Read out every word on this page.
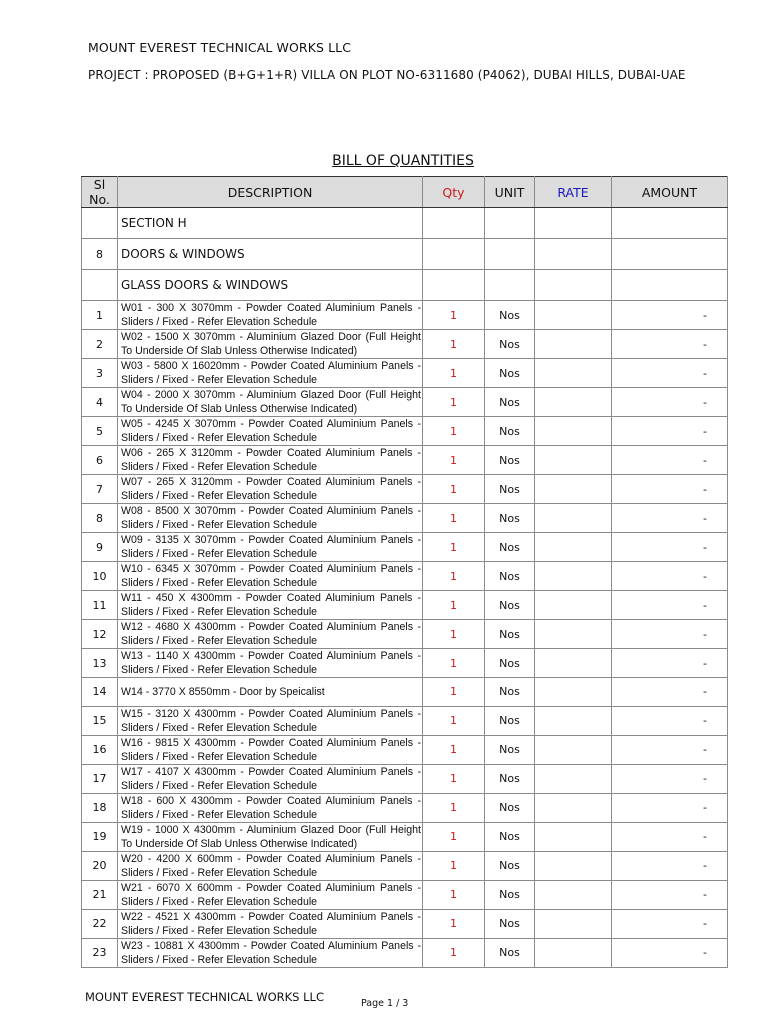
MOUNT EVEREST TECHNICAL WORKS LLC
PROJECT : PROPOSED (B+G+1+R) VILLA ON PLOT NO-6311680 (P4062), DUBAI HILLS, DUBAI-UAE
BILL OF QUANTITIES
Sl No.	DESCRIPTION	Qty	UNIT	RATE	AMOUNT
	SECTION H				
8	DOORS & WINDOWS				
	GLASS DOORS & WINDOWS				
1	W01 - 300 X 3070mm - Powder Coated Aluminium Panels - Sliders / Fixed - Refer Elevation Schedule	1	Nos		-
2	W02 - 1500 X 3070mm - Aluminium Glazed Door (Full Height To Underside Of Slab Unless Otherwise Indicated)	1	Nos		-
3	W03 - 5800 X 16020mm - Powder Coated Aluminium Panels - Sliders / Fixed - Refer Elevation Schedule	1	Nos		-
4	W04 - 2000 X 3070mm - Aluminium Glazed Door (Full Height To Underside Of Slab Unless Otherwise Indicated)	1	Nos		-
5	W05 - 4245 X 3070mm - Powder Coated Aluminium Panels - Sliders / Fixed - Refer Elevation Schedule	1	Nos		-
6	W06 - 265 X 3120mm - Powder Coated Aluminium Panels - Sliders / Fixed - Refer Elevation Schedule	1	Nos		-
7	W07 - 265 X 3120mm - Powder Coated Aluminium Panels - Sliders / Fixed - Refer Elevation Schedule	1	Nos		-
8	W08 - 8500 X 3070mm - Powder Coated Aluminium Panels - Sliders / Fixed - Refer Elevation Schedule	1	Nos		-
9	W09 - 3135 X 3070mm - Powder Coated Aluminium Panels - Sliders / Fixed - Refer Elevation Schedule	1	Nos		-
10	W10 - 6345 X 3070mm - Powder Coated Aluminium Panels - Sliders / Fixed - Refer Elevation Schedule	1	Nos		-
11	W11 - 450 X 4300mm - Powder Coated Aluminium Panels - Sliders / Fixed - Refer Elevation Schedule	1	Nos		-
12	W12 - 4680 X 4300mm - Powder Coated Aluminium Panels - Sliders / Fixed - Refer Elevation Schedule	1	Nos		-
13	W13 - 1140 X 4300mm - Powder Coated Aluminium Panels - Sliders / Fixed - Refer Elevation Schedule	1	Nos		-
14	W14 - 3770 X 8550mm - Door by Speicalist	1	Nos		-
15	W15 - 3120 X 4300mm - Powder Coated Aluminium Panels - Sliders / Fixed - Refer Elevation Schedule	1	Nos		-
16	W16 - 9815 X 4300mm - Powder Coated Aluminium Panels - Sliders / Fixed - Refer Elevation Schedule	1	Nos		-
17	W17 - 4107 X 4300mm - Powder Coated Aluminium Panels - Sliders / Fixed - Refer Elevation Schedule	1	Nos		-
18	W18 - 600 X 4300mm - Powder Coated Aluminium Panels - Sliders / Fixed - Refer Elevation Schedule	1	Nos		-
19	W19 - 1000 X 4300mm - Aluminium Glazed Door (Full Height To Underside Of Slab Unless Otherwise Indicated)	1	Nos		-
20	W20 - 4200 X 600mm - Powder Coated Aluminium Panels - Sliders / Fixed - Refer Elevation Schedule	1	Nos		-
21	W21 - 6070 X 600mm - Powder Coated Aluminium Panels - Sliders / Fixed - Refer Elevation Schedule	1	Nos		-
22	W22 - 4521 X 4300mm - Powder Coated Aluminium Panels - Sliders / Fixed - Refer Elevation Schedule	1	Nos		-
23	W23 - 10881 X 4300mm - Powder Coated Aluminium Panels - Sliders / Fixed - Refer Elevation Schedule	1	Nos		-
MOUNT EVEREST TECHNICAL WORKS LLC	Page 1 / 3
